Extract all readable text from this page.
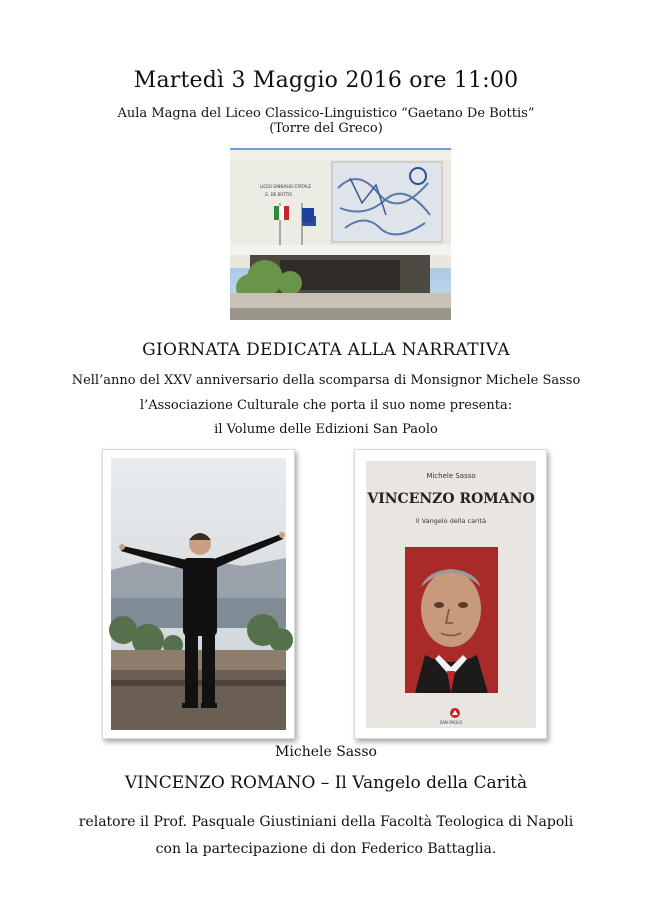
Martedì 3 Maggio 2016 ore 11:00
Aula Magna del Liceo Classico-Linguistico “Gaetano De Bottis”
(Torre del Greco)
LICEO GINNASIO STATALE
G. DE BOTTIS
GIORNATA DEDICATA ALLA NARRATIVA
Nell’anno del XXV anniversario della scomparsa di Monsignor Michele Sasso
l’Associazione Culturale che porta il suo nome presenta:
il Volume delle Edizioni San Paolo
Michele Sasso
VINCENZO ROMANO
Il Vangelo della carità
SAN PAOLO
Michele Sasso
VINCENZO ROMANO – Il Vangelo della Carità
relatore il Prof. Pasquale Giustiniani della Facoltà Teologica di Napoli
con la partecipazione di don Federico Battaglia.
